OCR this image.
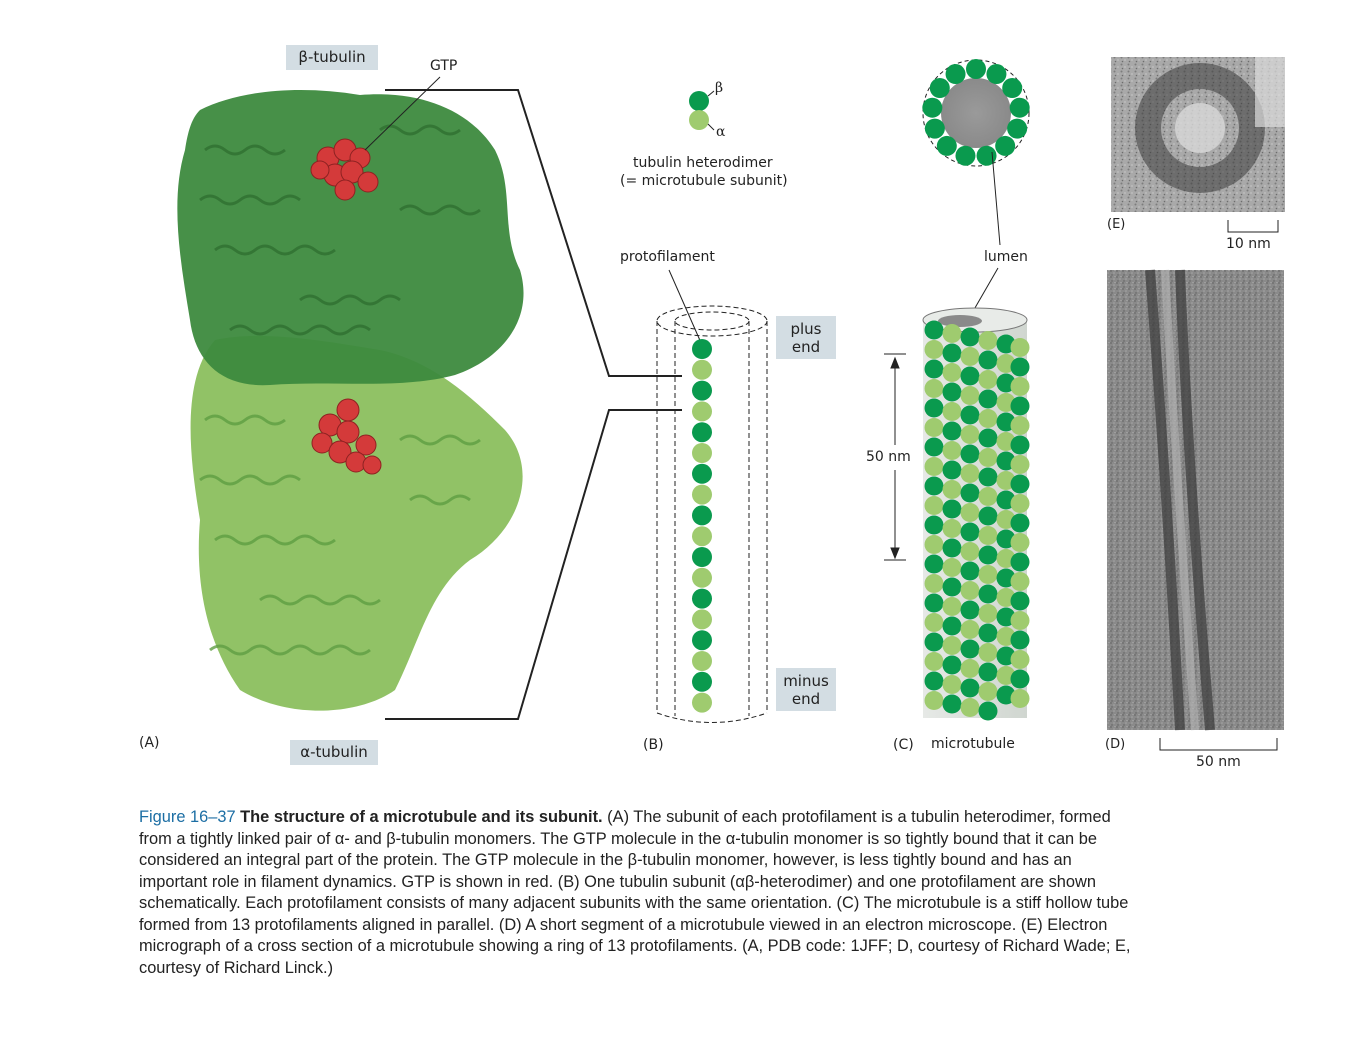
β-tubulin	GTP
α-tubulin
(A)
β
α
tubulin heterodimer
(= microtubule subunit)
protofilament
plus
end
minus
end
(B)
lumen
50 nm
(C) microtubule
(E)
10 nm
(D)
50 nm
Figure 16–37 The structure of a microtubule and its subunit. (A) The subunit of each protofilament is a tubulin heterodimer, formed from a tightly linked pair of α- and β-tubulin monomers. The GTP molecule in the α-tubulin monomer is so tightly bound that it can be considered an integral part of the protein. The GTP molecule in the β-tubulin monomer, however, is less tightly bound and has an important role in filament dynamics. GTP is shown in red. (B) One tubulin subunit (αβ-heterodimer) and one protofilament are shown schematically. Each protofilament consists of many adjacent subunits with the same orientation. (C) The microtubule is a stiff hollow tube formed from 13 protofilaments aligned in parallel. (D) A short segment of a microtubule viewed in an electron microscope. (E) Electron micrograph of a cross section of a microtubule showing a ring of 13 protofilaments. (A, PDB code: 1JFF; D, courtesy of Richard Wade; E, courtesy of Richard Linck.)
